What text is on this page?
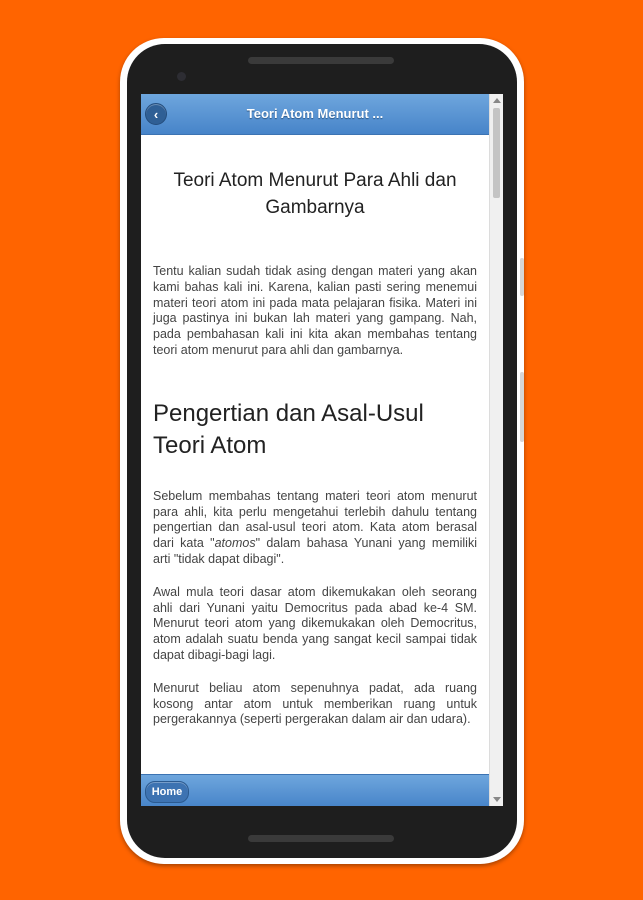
‹	Teori Atom Menurut ...
Teori Atom Menurut Para Ahli dan Gambarnya

Tentu kalian sudah tidak asing dengan materi yang akan kami bahas kali ini. Karena, kalian pasti sering menemui materi teori atom ini pada mata pelajaran fisika. Materi ini juga pastinya ini bukan lah materi yang gampang. Nah, pada pembahasan kali ini kita akan membahas tentang teori atom menurut para ahli dan gambarnya.

Pengertian dan Asal-Usul Teori Atom

Sebelum membahas tentang materi teori atom menurut para ahli, kita perlu mengetahui terlebih dahulu tentang pengertian dan asal-usul teori atom. Kata atom berasal dari kata "atomos" dalam bahasa Yunani yang memiliki arti "tidak dapat dibagi".

Awal mula teori dasar atom dikemukakan oleh seorang ahli dari Yunani yaitu Democritus pada abad ke-4 SM. Menurut teori atom yang dikemukakan oleh Democritus, atom adalah suatu benda yang sangat kecil sampai tidak dapat dibagi-bagi lagi.

Menurut beliau atom sepenuhnya padat, ada ruang kosong antar atom untuk memberikan ruang untuk pergerakannya (seperti pergerakan dalam air dan udara).

Home
